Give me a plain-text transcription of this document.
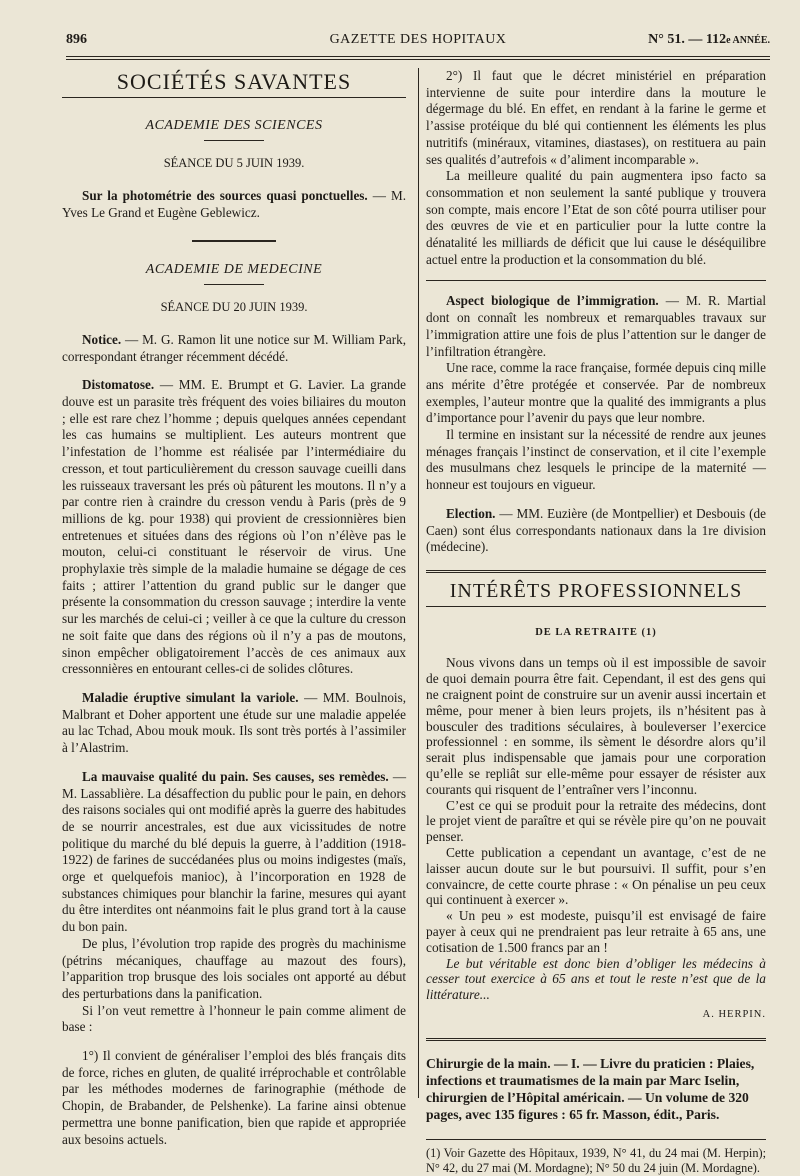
896	GAZETTE DES HOPITAUX	N° 51. — 112e ANNÉE.
SOCIÉTÉS SAVANTES
ACADEMIE DES SCIENCES
SÉANCE DU 5 JUIN 1939.

Sur la photométrie des sources quasi ponctuelles. — M. Yves Le Grand et Eugène Geblewicz.

ACADEMIE DE MEDECINE
SÉANCE DU 20 JUIN 1939.

Notice. — M. G. Ramon lit une notice sur M. William Park, correspondant étranger récemment décédé.

Distomatose. — MM. E. Brumpt et G. Lavier. La grande douve est un parasite très fréquent des voies biliaires du mouton ; elle est rare chez l’homme ; depuis quelques années cependant les cas humains se multiplient. Les auteurs montrent que l’infestation de l’homme est réalisée par l’intermédiaire du cresson, et tout particulièrement du cresson sauvage cueilli dans les ruisseaux traversant les prés où pâturent les moutons. Il n’y a par contre rien à craindre du cresson vendu à Paris (près de 9 millions de kg. pour 1938) qui provient de cressionnières bien entretenues et situées dans des régions où l’on n’élève pas le mouton, celui-ci constituant le réservoir de virus. Une prophylaxie très simple de la maladie humaine se dégage de ces faits ; attirer l’attention du grand public sur le danger que présente la consommation du cresson sauvage ; interdire la vente sur les marchés de celui-ci ; veiller à ce que la culture du cresson ne soit faite que dans des régions où il n’y a pas de moutons, sinon empêcher obligatoirement l’accès de ces animaux aux cressonnières en entourant celles-ci de solides clôtures.

Maladie éruptive simulant la variole. — MM. Boulnois, Malbrant et Doher apportent une étude sur une maladie appelée au lac Tchad, Abou mouk mouk. Ils sont très portés à l’assimiler à l’Alastrim.

La mauvaise qualité du pain. Ses causes, ses remèdes. — M. Lassablière. La désaffection du public pour le pain, en dehors des raisons sociales qui ont modifié après la guerre des habitudes de se nourrir ancestrales, est due aux vicissitudes de notre politique du marché du blé depuis la guerre, à l’addition (1918-1922) de farines de succédanées plus ou moins indigestes (maïs, orge et quelquefois manioc), à l’incorporation en 1928 de substances chimiques pour blanchir la farine, mesures qui ayant du être interdites ont néanmoins fait le plus grand tort à la cause du bon pain.

De plus, l’évolution trop rapide des progrès du machinisme (pétrins mécaniques, chauffage au mazout des fours), l’apparition trop brusque des lois sociales ont apporté au début des perturbations dans la panification.

Si l’on veut remettre à l’honneur le pain comme aliment de base :

1°) Il convient de généraliser l’emploi des blés français dits de force, riches en gluten, de qualité irréprochable et contrôlable par les méthodes modernes de farinographie (méthode de Chopin, de Brabander, de Pelshenke). La farine ainsi obtenue permettra une bonne panification, bien que rapide et appropriée aux besoins actuels.

2°) Il faut que le décret ministériel en préparation intervienne de suite pour interdire dans la mouture le dégermage du blé. En effet, en rendant à la farine le germe et l’assise protéique du blé qui contiennent les éléments les plus nutritifs (minéraux, vitamines, diastases), on restituera au pain ses qualités d’autrefois « d’aliment incomparable ».

La meilleure qualité du pain augmentera ipso facto sa consommation et non seulement la santé publique y trouvera son compte, mais encore l’Etat de son côté pourra utiliser pour des œuvres de vie et en particulier pour la lutte contre la dénatalité les milliards de déficit que lui cause le déséquilibre actuel entre la production et la consommation du blé.

Aspect biologique de l’immigration. — M. R. Martial dont on connaît les nombreux et remarquables travaux sur l’immigration attire une fois de plus l’attention sur le danger de l’infiltration étrangère.

Une race, comme la race française, formée depuis cinq mille ans mérite d’être protégée et conservée. Par de nombreux exemples, l’auteur montre que la qualité des immigrants a plus d’importance pour l’avenir du pays que leur nombre.

Il termine en insistant sur la nécessité de rendre aux jeunes ménages français l’instinct de conservation, et il cite l’exemple des musulmans chez lesquels le principe de la maternité — honneur est toujours en vigueur.

Election. — MM. Euzière (de Montpellier) et Desbouis (de Caen) sont élus correspondants nationaux dans la 1re division (médecine).

INTÉRÊTS PROFESSIONNELS
DE LA RETRAITE (1)

Nous vivons dans un temps où il est impossible de savoir de quoi demain pourra être fait. Cependant, il est des gens qui ne craignent point de construire sur un avenir aussi incertain et même, pour mener à bien leurs projets, ils n’hésitent pas à bousculer des traditions séculaires, à bouleverser l’exercice professionnel : en somme, ils sèment le désordre alors qu’il serait plus indispensable que jamais pour une corporation qu’elle se repliât sur elle-même pour essayer de résister aux courants qui risquent de l’entraîner vers l’inconnu.

C’est ce qui se produit pour la retraite des médecins, dont le projet vient de paraître et qui se révèle pire qu’on ne pouvait penser.

Cette publication a cependant un avantage, c’est de ne laisser aucun doute sur le but poursuivi. Il suffit, pour s’en convaincre, de cette courte phrase : « On pénalise un peu ceux qui continuent à exercer ».

« Un peu » est modeste, puisqu’il est envisagé de faire payer à ceux qui ne prendraient pas leur retraite à 65 ans, une cotisation de 1.500 francs par an !

Le but véritable est donc bien d’obliger les médecins à cesser tout exercice à 65 ans et tout le reste n’est que de la littérature...

A. HERPIN.
Chirurgie de la main. — I. — Livre du praticien : Plaies, infections et traumatismes de la main par Marc Iselin, chirurgien de l’Hôpital américain. — Un volume de 320 pages, avec 135 figures : 65 fr. Masson, édit., Paris.
(1) Voir Gazette des Hôpitaux, 1939, N° 41, du 24 mai (M. Herpin); N° 42, du 27 mai (M. Mordagne); N° 50 du 24 juin (M. Mordagne).
